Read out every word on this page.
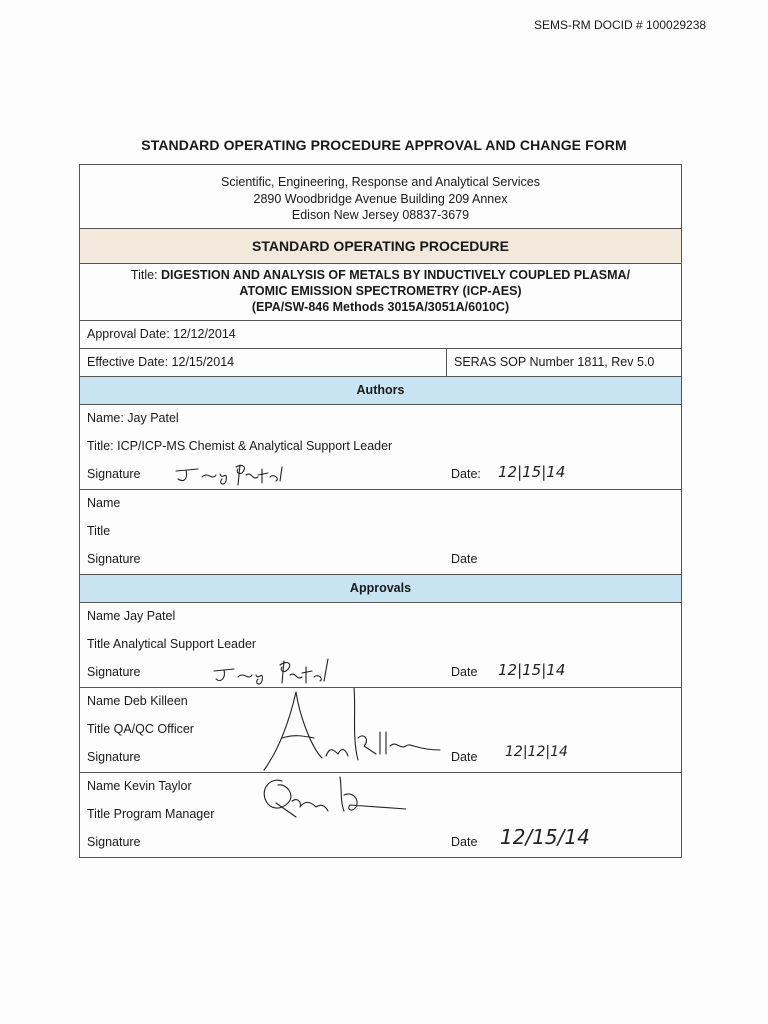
SEMS-RM DOCID # 100029238
STANDARD OPERATING PROCEDURE APPROVAL AND CHANGE FORM
Scientific, Engineering, Response and Analytical Services
2890 Woodbridge Avenue Building 209 Annex
Edison New Jersey 08837-3679
STANDARD OPERATING PROCEDURE
Title: DIGESTION AND ANALYSIS OF METALS BY INDUCTIVELY COUPLED PLASMA/
ATOMIC EMISSION SPECTROMETRY (ICP-AES)
(EPA/SW-846 Methods 3015A/3051A/6010C)
Approval Date: 12/12/2014
Effective Date: 12/15/2014	SERAS SOP Number 1811, Rev 5.0
Authors
Name: Jay Patel
Title: ICP/ICP-MS Chemist & Analytical Support Leader
Signature	Date: 12|15|14
Name
Title
Signature	Date
Approvals
Name Jay Patel
Title Analytical Support Leader
Signature	Date 12|15|14
Name Deb Killeen
Title QA/QC Officer
Signature	Date 12|12|14
Name Kevin Taylor
Title Program Manager
Signature	Date 12/15/14
